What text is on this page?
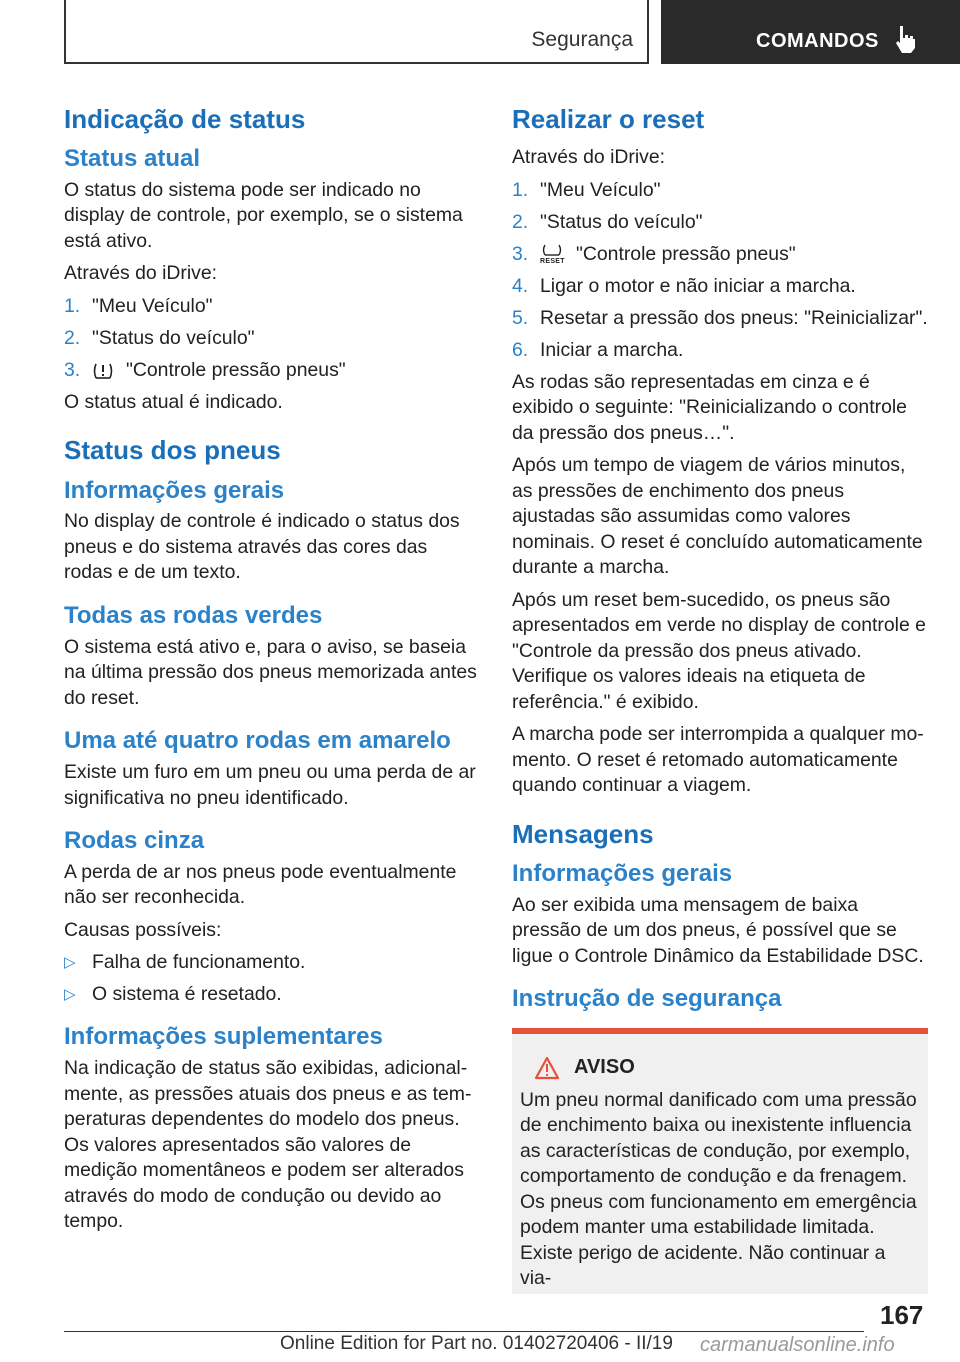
Segurança	COMANDOS
Indicação de status
Status atual

O status do sistema pode ser indicado no display de controle, por exemplo, se o sistema está ativo.

Através do iDrive:

1. "Meu Veículo"
2. "Status do veículo"
3.	"Controle pressão pneus"

O status atual é indicado.

Status dos pneus
Informações gerais

No display de controle é indicado o status dos pneus e do sistema através das cores das rodas e de um texto.

Todas as rodas verdes

O sistema está ativo e, para o aviso, se baseia na última pressão dos pneus memorizada antes do reset.

Uma até quatro rodas em amarelo

Existe um furo em um pneu ou uma perda de ar significativa no pneu identificado.

Rodas cinza

A perda de ar nos pneus pode eventualmente não ser reconhecida.

Causas possíveis:

▷ Falha de funcionamento.
▷ O sistema é resetado.
Informações suplementares

Na indicação de status são exibidas, adicionalmente, as pressões atuais dos pneus e as temperaturas dependentes do modelo dos pneus. Os valores apresentados são valores de medição momentâneos e podem ser alterados através do modo de condução ou devido ao tempo.

Realizar o reset

Através do iDrive:

1. "Meu Veículo"
2. "Status do veículo"
3.	RESET "Controle pressão pneus"
4. Ligar o motor e não iniciar a marcha.
5. Resetar a pressão dos pneus: "Reinicializar".
6. Iniciar a marcha.

As rodas são representadas em cinza e é exibido o seguinte: "Reinicializando o controle da pressão dos pneus…".

Após um tempo de viagem de vários minutos, as pressões de enchimento dos pneus ajustadas são assumidas como valores nominais. O reset é concluído automaticamente durante a marcha.

Após um reset bem-sucedido, os pneus são apresentados em verde no display de controle e "Controle da pressão dos pneus ativado. Verifique os valores ideais na etiqueta de referência." é exibido.

A marcha pode ser interrompida a qualquer momento. O reset é retomado automaticamente quando continuar a viagem.

Mensagens
Informações gerais

Ao ser exibida uma mensagem de baixa pressão de um dos pneus, é possível que se ligue o Controle Dinâmico da Estabilidade DSC.

Instrução de segurança
AVISO

Um pneu normal danificado com uma pressão de enchimento baixa ou inexistente influencia as características de condução, por exemplo, comportamento de condução e da frenagem. Os pneus com funcionamento em emergência podem manter uma estabilidade limitada. Existe perigo de acidente. Não continuar a via-

167
Online Edition for Part no. 01402720406 - II/19 carmanualsonline.info
